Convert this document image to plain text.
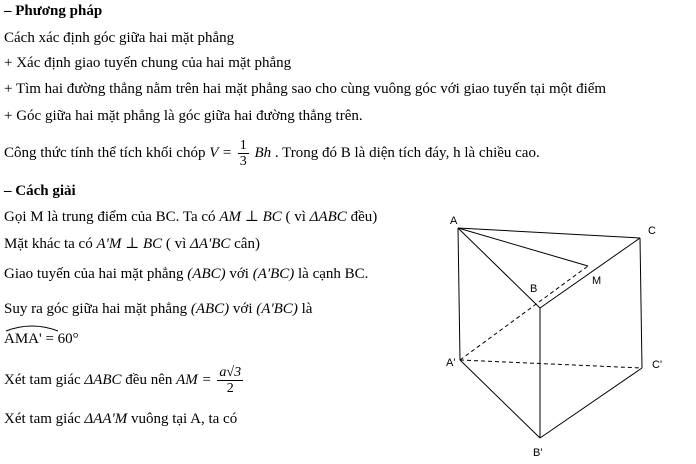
– Phương pháp
Cách xác định góc giữa hai mặt phẳng
+ Xác định giao tuyến chung của hai mặt phẳng
+ Tìm hai đường thẳng nằm trên hai mặt phẳng sao cho cùng vuông góc với giao tuyến tại một điểm
+ Góc giữa hai mặt phẳng là góc giữa hai đường thẳng trên.
Công thức tính thể tích khối chóp $V = \frac{1}{3}$ Bh . Trong đó B là diện tích đáy, h là chiều cao.
– Cách giải
Gọi M là trung điểm của BC. Ta có AM ⊥ BC ( vì ΔABC đều)
Mặt khác ta có A'M ⊥ BC ( vì ΔA'BC cân)
Giao tuyến của hai mặt phẳng (ABC) với (A'BC) là cạnh BC.
Suy ra góc giữa hai mặt phẳng (ABC) với (A'BC) là
AMA' = 60°
Xét tam giác ΔABC đều nên AM = $\frac{a√3}{2}$
Xét tam giác ΔAA'M vuông tại A, ta có
A
C
B
M
A'	C'
B'
